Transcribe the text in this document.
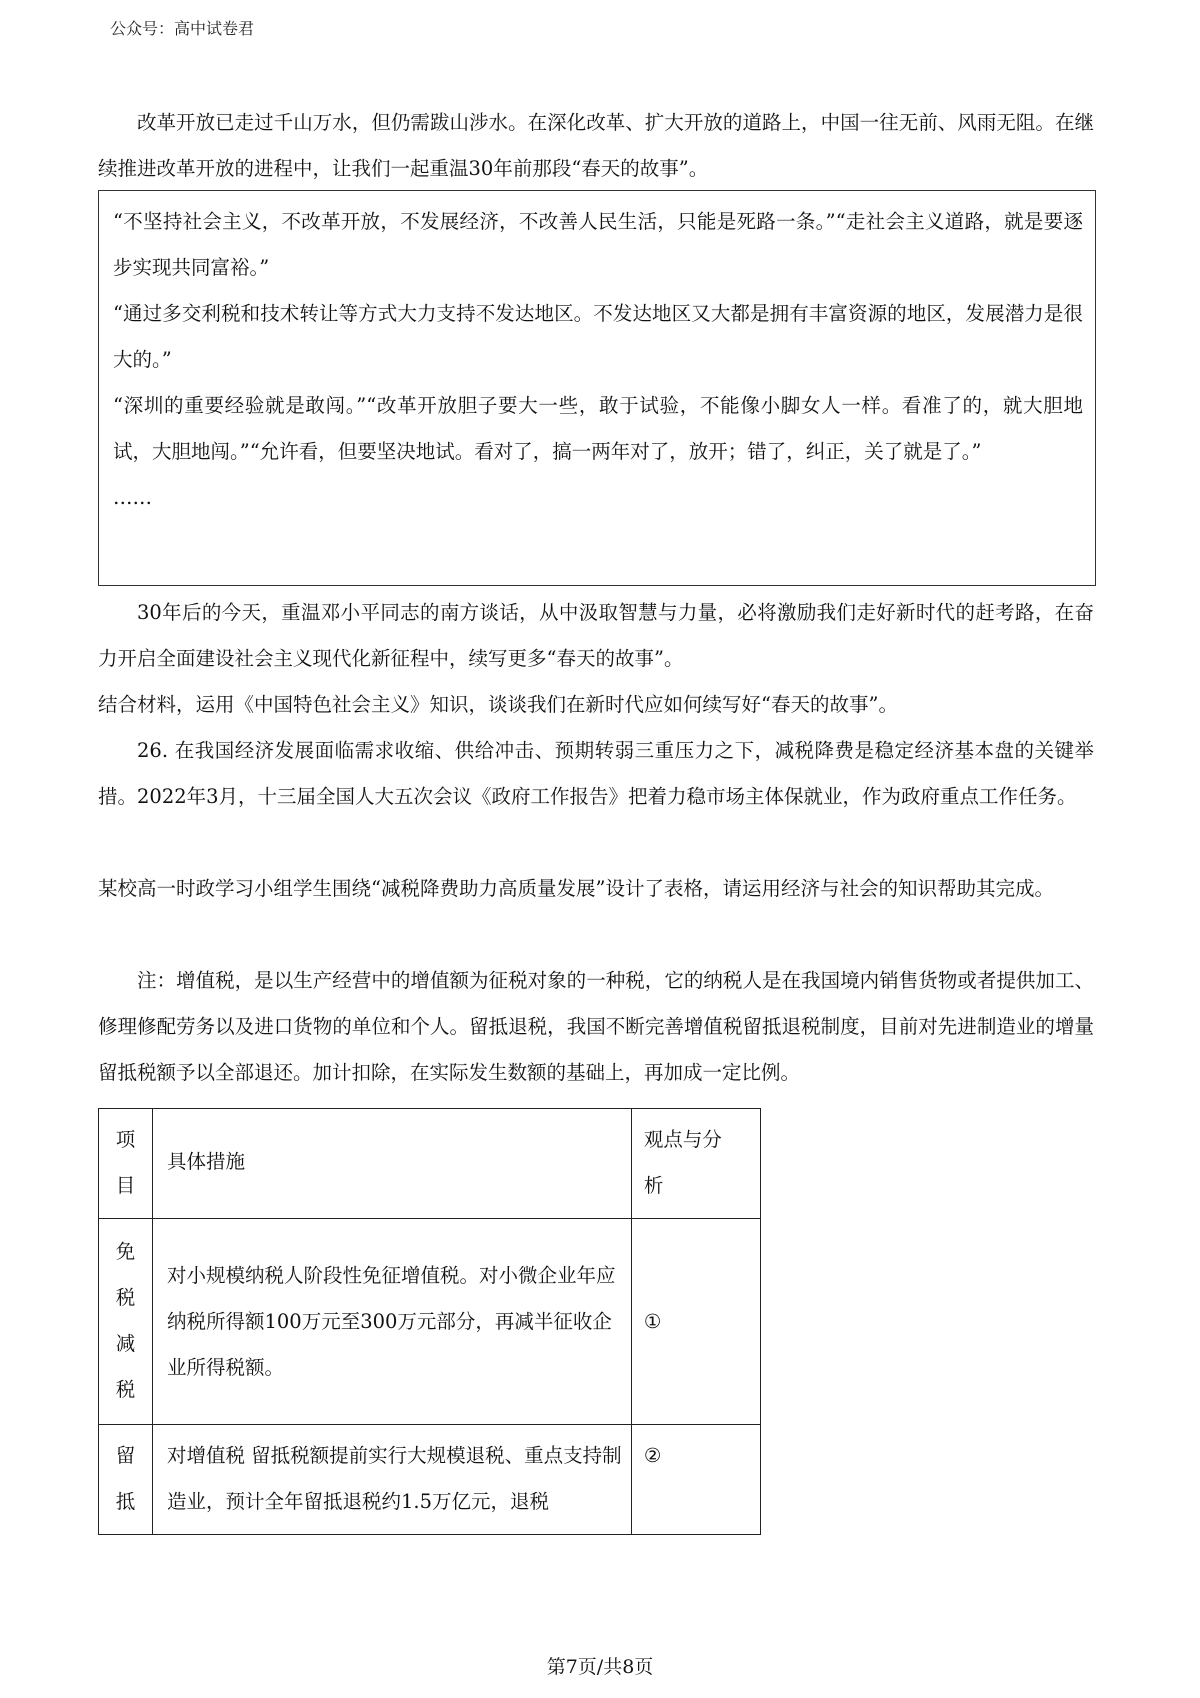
公众号：高中试卷君

改革开放已走过千山万水，但仍需跋山涉水。在深化改革、扩大开放的道路上，中国一往无前、风雨无阻。在继续推进改革开放的进程中，让我们一起重温30年前那段“春天的故事”。

“不坚持社会主义，不改革开放，不发展经济，不改善人民生活，只能是死路一条。”“走社会主义道路，就是要逐步实现共同富裕。”

“通过多交利税和技术转让等方式大力支持不发达地区。不发达地区又大都是拥有丰富资源的地区，发展潜力是很大的。”

“深圳的重要经验就是敢闯。”“改革开放胆子要大一些，敢于试验，不能像小脚女人一样。看准了的，就大胆地试，大胆地闯。”“允许看，但要坚决地试。看对了，搞一两年对了，放开；错了，纠正，关了就是了。”

……

30年后的今天，重温邓小平同志的南方谈话，从中汲取智慧与力量，必将激励我们走好新时代的赶考路，在奋力开启全面建设社会主义现代化新征程中，续写更多“春天的故事”。

结合材料，运用《中国特色社会主义》知识，谈谈我们在新时代应如何续写好“春天的故事”。

26. 在我国经济发展面临需求收缩、供给冲击、预期转弱三重压力之下，减税降费是稳定经济基本盘的关键举措。2022年3月，十三届全国人大五次会议《政府工作报告》把着力稳市场主体保就业，作为政府重点工作任务。

某校高一时政学习小组学生围绕“减税降费助力高质量发展”设计了表格，请运用经济与社会的知识帮助其完成。

注：增值税，是以生产经营中的增值额为征税对象的一种税，它的纳税人是在我国境内销售货物或者提供加工、修理修配劳务以及进口货物的单位和个人。留抵退税，我国不断完善增值税留抵退税制度，目前对先进制造业的增量留抵税额予以全部退还。加计扣除，在实际发生数额的基础上，再加成一定比例。

项目	具体措施	观点与分析

免税减税	对小规模纳税人阶段性免征增值税。对小微企业年应纳税所得额100万元至300万元部分，再减半征收企业所得税额。	①

留抵	对增值税 留抵税额提前实行大规模退税、重点支持制造业，预计全年留抵退税约1.5万亿元，退税	②
第7页/共8页
